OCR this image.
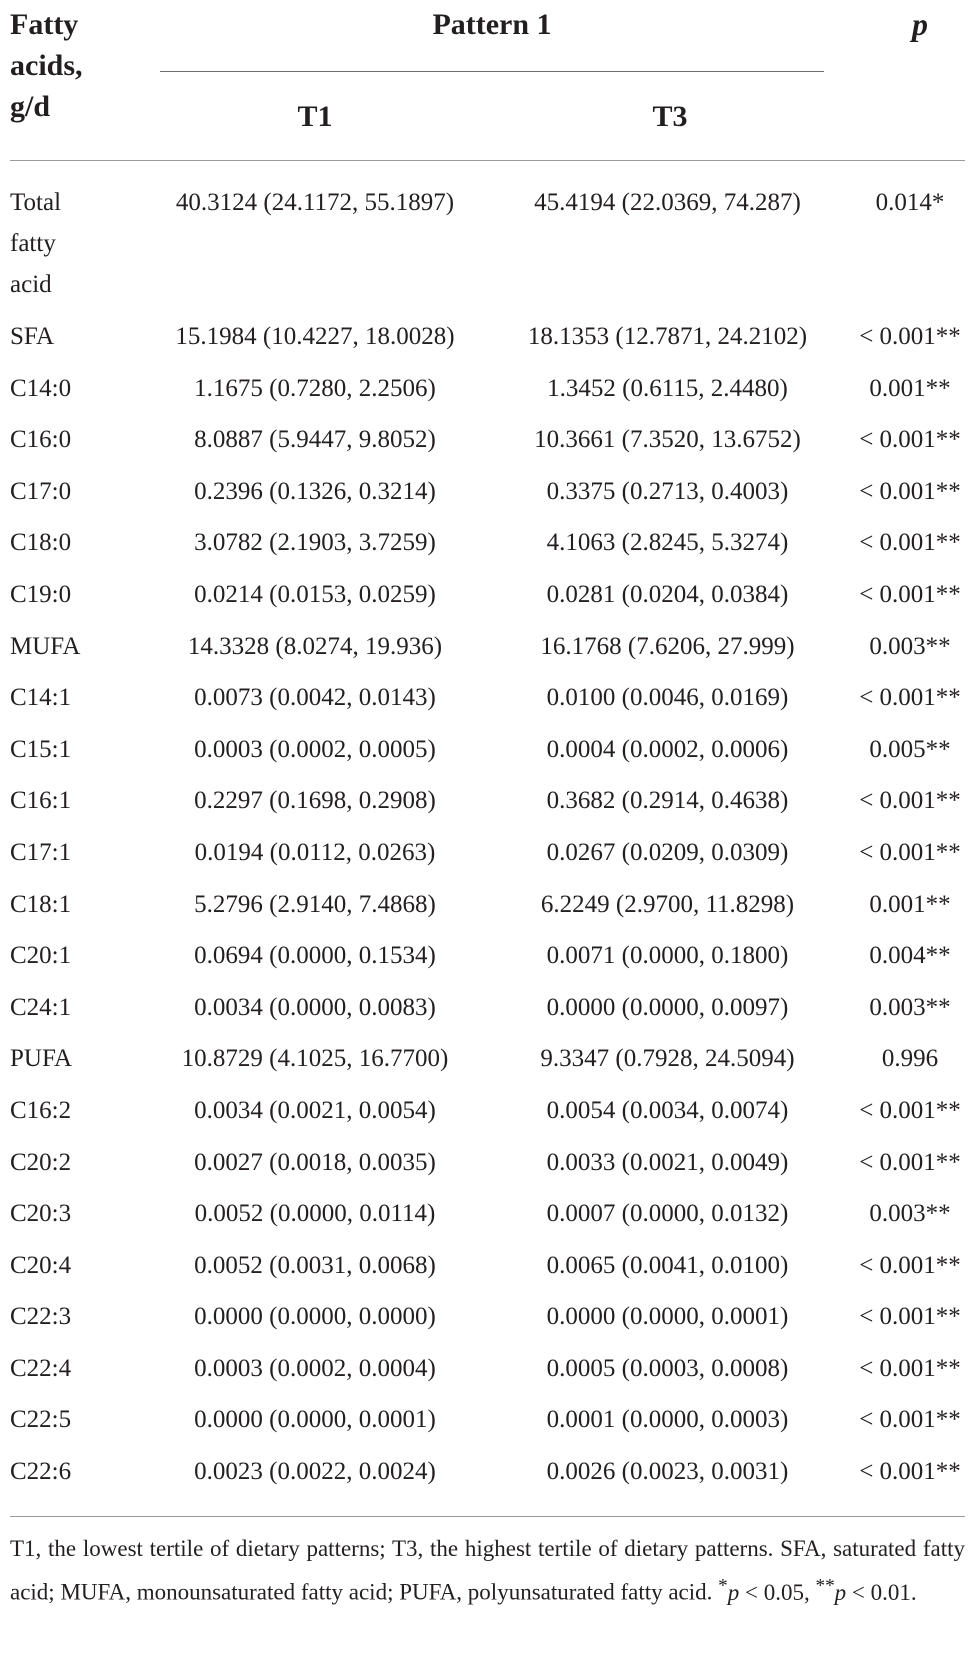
Fatty acids, g/d
Pattern 1
T1	T3
p
Total fatty acid
40.3124 (24.1172, 55.1897)	45.4194 (22.0369, 74.287)	0.014*
SFA	15.1984 (10.4227, 18.0028)	18.1353 (12.7871, 24.2102)	< 0.001**
C14:0	1.1675 (0.7280, 2.2506)	1.3452 (0.6115, 2.4480)	0.001**
C16:0	8.0887 (5.9447, 9.8052)	10.3661 (7.3520, 13.6752)	< 0.001**
C17:0	0.2396 (0.1326, 0.3214)	0.3375 (0.2713, 0.4003)	< 0.001**
C18:0	3.0782 (2.1903, 3.7259)	4.1063 (2.8245, 5.3274)	< 0.001**
C19:0	0.0214 (0.0153, 0.0259)	0.0281 (0.0204, 0.0384)	< 0.001**
MUFA	14.3328 (8.0274, 19.936)	16.1768 (7.6206, 27.999)	0.003**
C14:1	0.0073 (0.0042, 0.0143)	0.0100 (0.0046, 0.0169)	< 0.001**
C15:1	0.0003 (0.0002, 0.0005)	0.0004 (0.0002, 0.0006)	0.005**
C16:1	0.2297 (0.1698, 0.2908)	0.3682 (0.2914, 0.4638)	< 0.001**
C17:1	0.0194 (0.0112, 0.0263)	0.0267 (0.0209, 0.0309)	< 0.001**
C18:1	5.2796 (2.9140, 7.4868)	6.2249 (2.9700, 11.8298)	0.001**
C20:1	0.0694 (0.0000, 0.1534)	0.0071 (0.0000, 0.1800)	0.004**
C24:1	0.0034 (0.0000, 0.0083)	0.0000 (0.0000, 0.0097)	0.003**
PUFA	10.8729 (4.1025, 16.7700)	9.3347 (0.7928, 24.5094)	0.996
C16:2	0.0034 (0.0021, 0.0054)	0.0054 (0.0034, 0.0074)	< 0.001**
C20:2	0.0027 (0.0018, 0.0035)	0.0033 (0.0021, 0.0049)	< 0.001**
C20:3	0.0052 (0.0000, 0.0114)	0.0007 (0.0000, 0.0132)	0.003**
C20:4	0.0052 (0.0031, 0.0068)	0.0065 (0.0041, 0.0100)	< 0.001**
C22:3	0.0000 (0.0000, 0.0000)	0.0000 (0.0000, 0.0001)	< 0.001**
C22:4	0.0003 (0.0002, 0.0004)	0.0005 (0.0003, 0.0008)	< 0.001**
C22:5	0.0000 (0.0000, 0.0001)	0.0001 (0.0000, 0.0003)	< 0.001**
C22:6	0.0023 (0.0022, 0.0024)	0.0026 (0.0023, 0.0031)	< 0.001**
T1, the lowest tertile of dietary patterns; T3, the highest tertile of dietary patterns. SFA, saturated fatty acid; MUFA, monounsaturated fatty acid; PUFA, polyunsaturated fatty acid. *p < 0.05, **p < 0.01.
